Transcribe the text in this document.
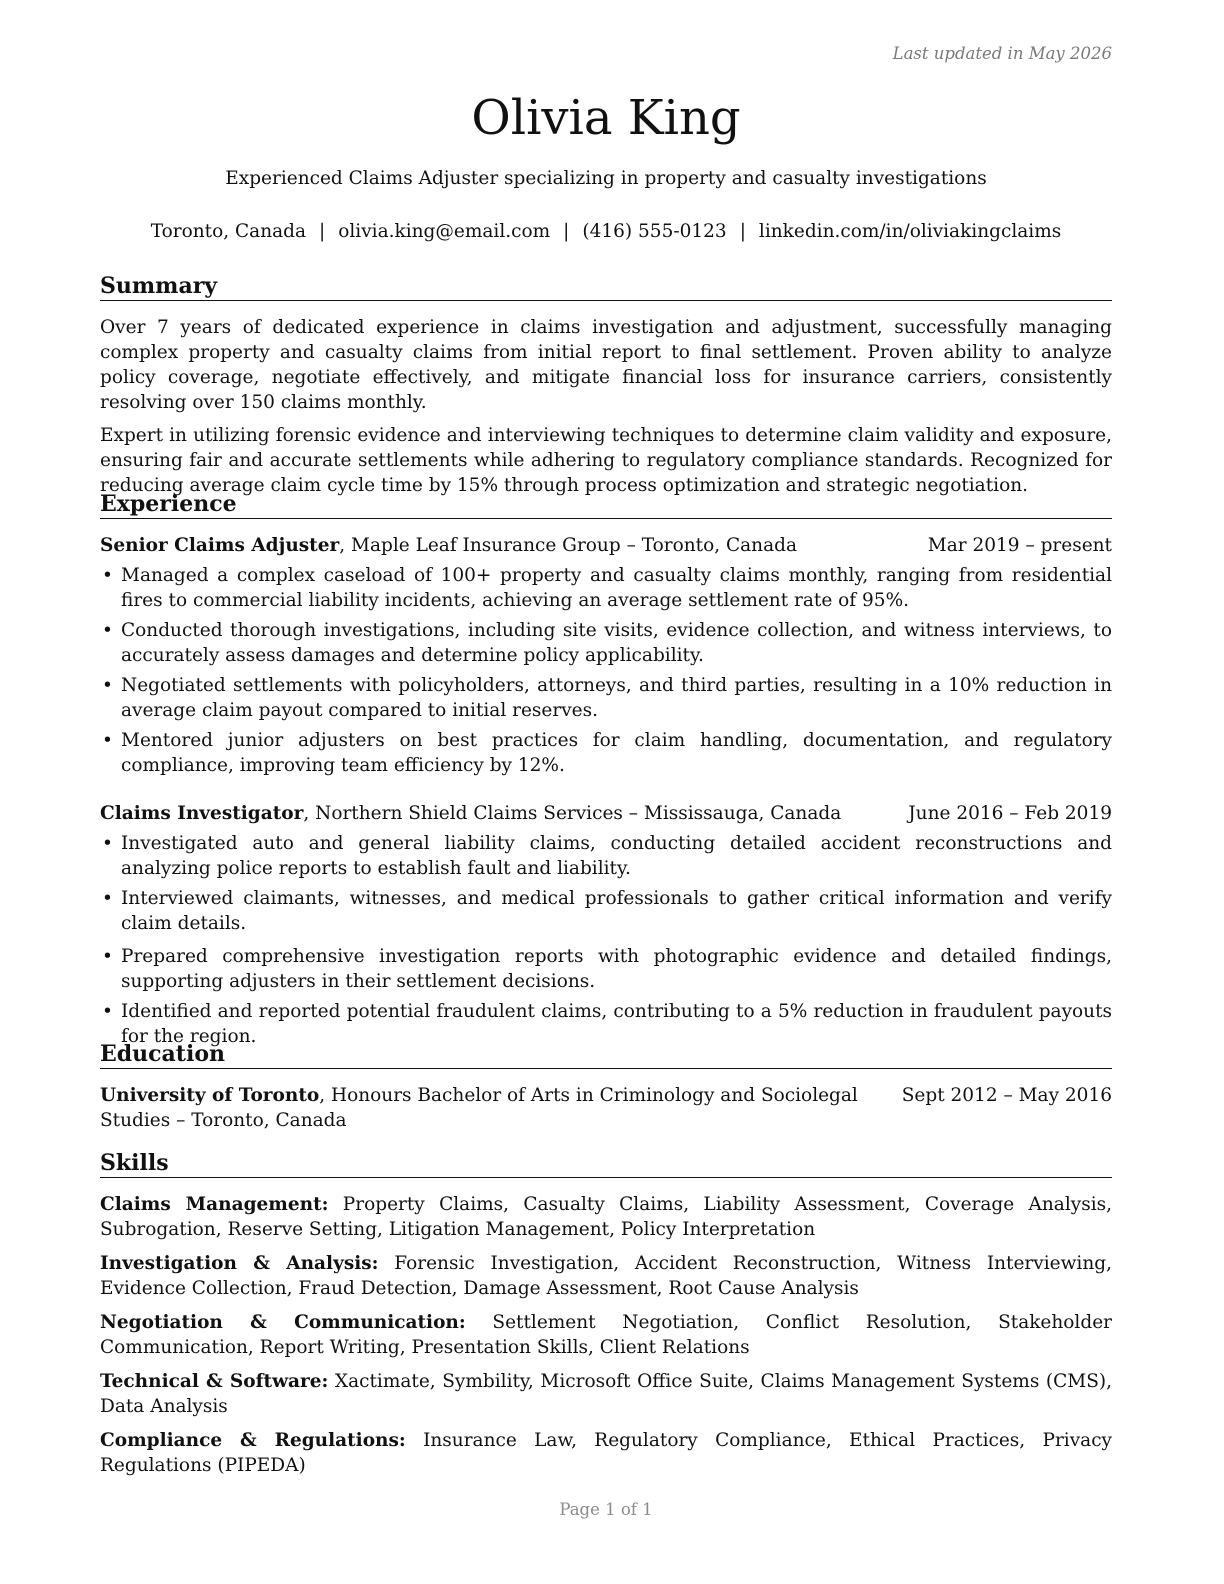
Last updated in May 2026
Olivia King
Experienced Claims Adjuster specializing in property and casualty investigations
Toronto, Canada | olivia.king@email.com | (416) 555-0123 | linkedin.com/in/oliviakingclaims
Summary

Over 7 years of dedicated experience in claims investigation and adjustment, successfully managing complex property and casualty claims from initial report to final settlement. Proven ability to analyze policy coverage, negotiate effectively, and mitigate financial loss for insurance carriers, consistently resolving over 150 claims monthly.

Expert in utilizing forensic evidence and interviewing techniques to determine claim validity and exposure, ensuring fair and accurate settlements while adhering to regulatory compliance standards. Recognized for reducing average claim cycle time by 15% through process optimization and strategic negotiation.

Experience
Senior Claims Adjuster, Maple Leaf Insurance Group – Toronto, Canada	Mar 2019 – present
• Managed a complex caseload of 100+ property and casualty claims monthly, ranging from residential fires to commercial liability incidents, achieving an average settlement rate of 95%.
• Conducted thorough investigations, including site visits, evidence collection, and witness interviews, to accurately assess damages and determine policy applicability.
• Negotiated settlements with policyholders, attorneys, and third parties, resulting in a 10% reduction in average claim payout compared to initial reserves.
• Mentored junior adjusters on best practices for claim handling, documentation, and regulatory compliance, improving team efficiency by 12%.
Claims Investigator, Northern Shield Claims Services – Mississauga, Canada	June 2016 – Feb 2019
• Investigated auto and general liability claims, conducting detailed accident reconstructions and analyzing police reports to establish fault and liability.
• Interviewed claimants, witnesses, and medical professionals to gather critical information and verify claim details.
• Prepared comprehensive investigation reports with photographic evidence and detailed findings, supporting adjusters in their settlement decisions.
• Identified and reported potential fraudulent claims, contributing to a 5% reduction in fraudulent payouts for the region.
Education
University of Toronto, Honours Bachelor of Arts in Criminology and Sociolegal Studies – Toronto, Canada
Sept 2012 – May 2016
Skills

Claims Management: Property Claims, Casualty Claims, Liability Assessment, Coverage Analysis, Subrogation, Reserve Setting, Litigation Management, Policy Interpretation

Investigation & Analysis: Forensic Investigation, Accident Reconstruction, Witness Interviewing, Evidence Collection, Fraud Detection, Damage Assessment, Root Cause Analysis

Negotiation & Communication: Settlement Negotiation, Conflict Resolution, Stakeholder Communication, Report Writing, Presentation Skills, Client Relations

Technical & Software: Xactimate, Symbility, Microsoft Office Suite, Claims Management Systems (CMS), Data Analysis

Compliance & Regulations: Insurance Law, Regulatory Compliance, Ethical Practices, Privacy Regulations (PIPEDA)

Page 1 of 1
